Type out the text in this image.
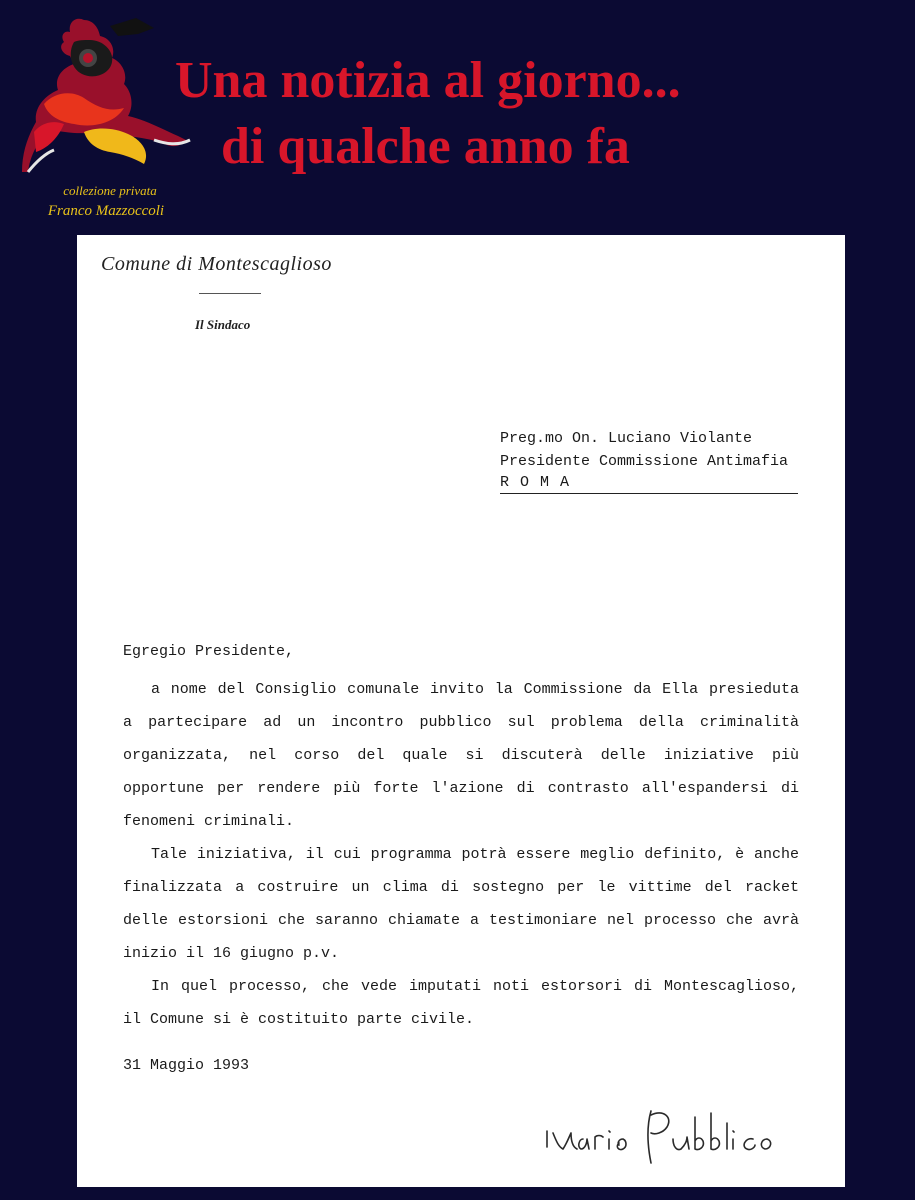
collezione privata
Franco Mazzoccoli
Una notizia al giorno...
di qualche anno fa
Comune di Montescaglioso
Il Sindaco
Preg.mo On. Luciano Violante
Presidente Commissione Antimafia
ROMA
Egregio Presidente,

a nome del Consiglio comunale invito la Commissione da Ella presieduta a partecipare ad un incontro pubblico sul problema della criminalità organizzata, nel corso del quale si discuterà delle iniziative più opportune per rendere più forte l'azione di contrasto all'espandersi di fenomeni criminali.

Tale iniziativa, il cui programma potrà essere meglio definito, è anche finalizzata a costruire un clima di sostegno per le vittime del racket delle estorsioni che saranno chiamate a testimoniare nel processo che avrà inizio il 16 giugno p.v.

In quel processo, che vede imputati noti estorsori di Montescaglioso, il Comune si è costituito parte civile.

31 Maggio 1993
